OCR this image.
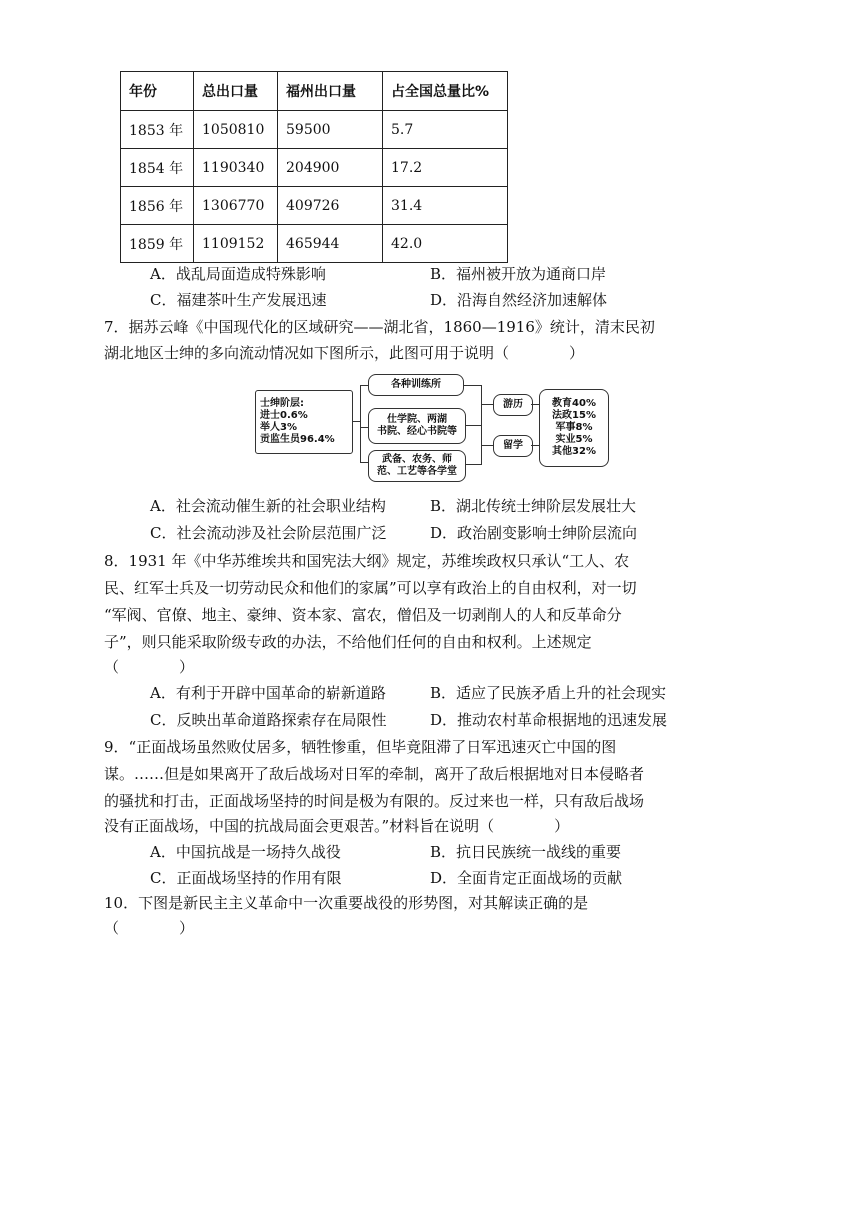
年份	总出口量	福州出口量	占全国总量比%
1853 年	1050810	59500	5.7
1854 年	1190340	204900	17.2
1856 年	1306770	409726	31.4
1859 年	1109152	465944	42.0
A．战乱局面造成特殊影响	B．福州被开放为通商口岸
C．福建茶叶生产发展迅速	D．沿海自然经济加速解体
7．据苏云峰《中国现代化的区域研究——湖北省，1860—1916》统计，清末民初
湖北地区士绅的多向流动情况如下图所示，此图可用于说明（　　　　）
士绅阶层:
进士0.6%
举人3%
贡监生员96.4%
各种训练所
仕学院、两湖
书院、经心书院等
武备、农务、师
范、工艺等各学堂
游历
留学
教育40%
法政15%
军事8%
实业5%
其他32%
A．社会流动催生新的社会职业结构	B．湖北传统士绅阶层发展壮大
C．社会流动涉及社会阶层范围广泛	D．政治剧变影响士绅阶层流向
8．1931 年《中华苏维埃共和国宪法大纲》规定，苏维埃政权只承认“工人、农
民、红军士兵及一切劳动民众和他们的家属”可以享有政治上的自由权利，对一切
“军阀、官僚、地主、豪绅、资本家、富农，僧侣及一切剥削人的人和反革命分
子”，则只能采取阶级专政的办法，不给他们任何的自由和权利。上述规定
（　　　　）
A．有利于开辟中国革命的崭新道路	B．适应了民族矛盾上升的社会现实
C．反映出革命道路探索存在局限性	D．推动农村革命根据地的迅速发展
9．“正面战场虽然败仗居多，牺牲惨重，但毕竟阻滞了日军迅速灭亡中国的图
谋。……但是如果离开了敌后战场对日军的牵制，离开了敌后根据地对日本侵略者
的骚扰和打击，正面战场坚持的时间是极为有限的。反过来也一样，只有敌后战场
没有正面战场，中国的抗战局面会更艰苦。”材料旨在说明（　　　　）
A．中国抗战是一场持久战役	B．抗日民族统一战线的重要
C．正面战场坚持的作用有限	D．全面肯定正面战场的贡献
10．下图是新民主主义革命中一次重要战役的形势图，对其解读正确的是
（　　　　）
